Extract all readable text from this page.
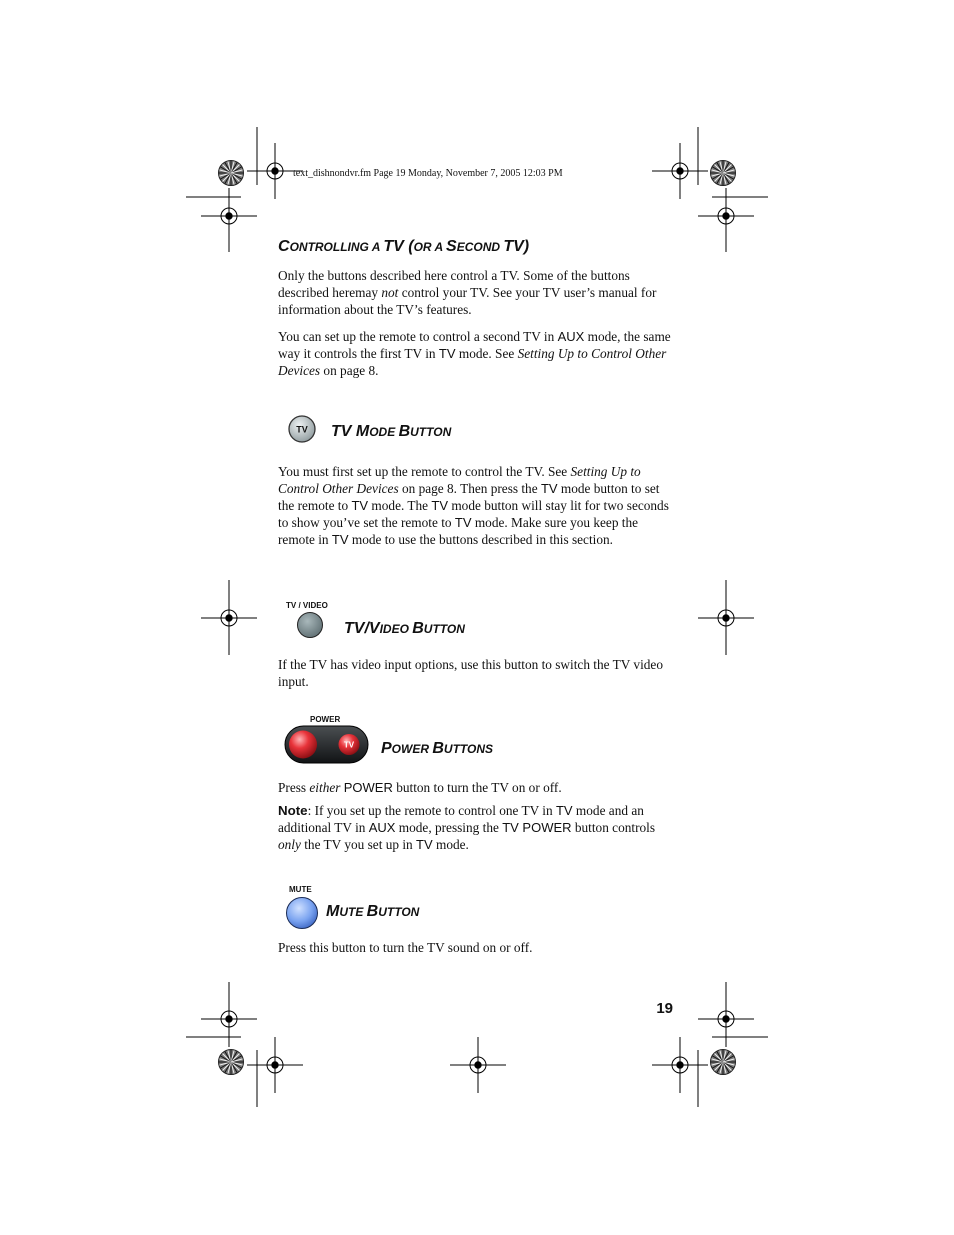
text_dishnondvr.fm Page 19 Monday, November 7, 2005 12:03 PM
CONTROLLING A TV (OR A SECOND TV)
Only the buttons described here control a TV. Some of the buttons described heremay not control your TV. See your TV user’s manual for information about the TV’s features.
You can set up the remote to control a second TV in AUX mode, the same way it controls the first TV in TV mode. See Setting Up to Control Other Devices on page 8.
TV TV MODE BUTTON
You must first set up the remote to control the TV. See Setting Up to Control Other Devices on page 8. Then press the TV mode button to set the remote to TV mode. The TV mode button will stay lit for two seconds to show you’ve set the remote to TV mode. Make sure you keep the remote in TV mode to use the buttons described in this section.
TV / VIDEO
TV/VIDEO BUTTON
If the TV has video input options, use this button to switch the TV video input.
POWER
TV POWER BUTTONS
Press either POWER button to turn the TV on or off.
Note: If you set up the remote to control one TV in TV mode and an additional TV in AUX mode, pressing the TV POWER button controls only the TV you set up in TV mode.
MUTE
MUTE BUTTON
Press this button to turn the TV sound on or off.
19
